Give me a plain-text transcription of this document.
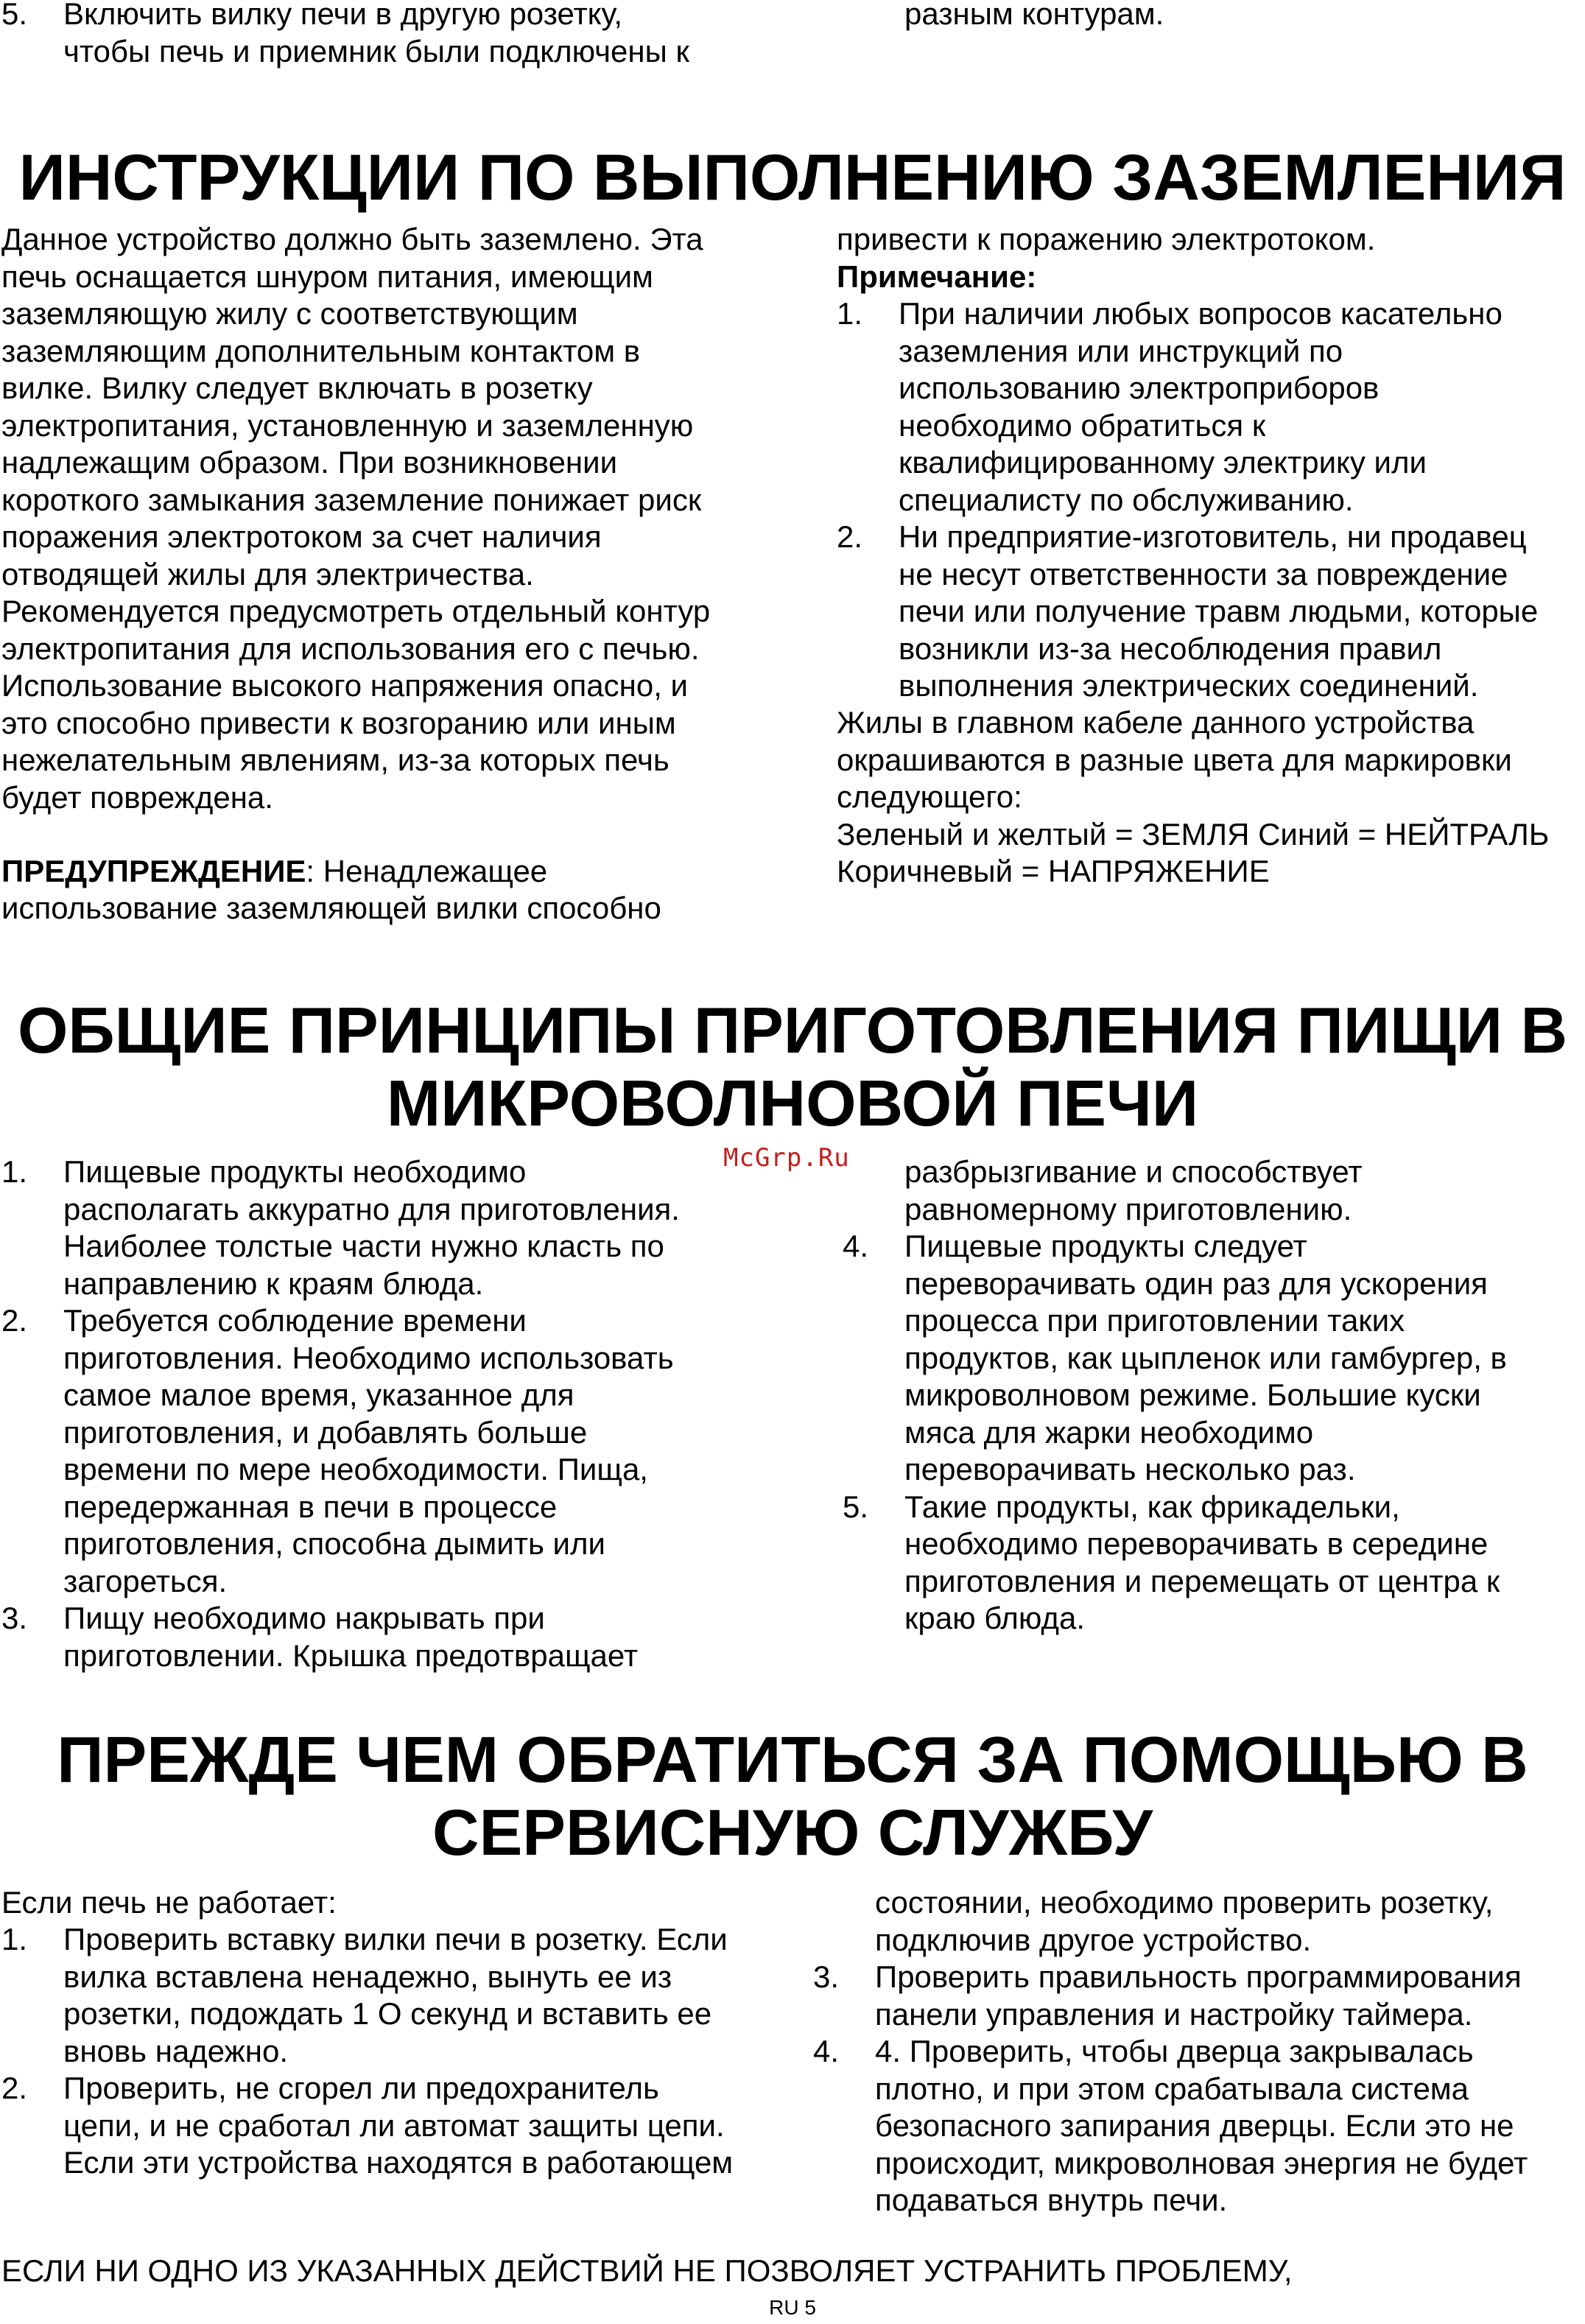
5. Включить вилку печи в другую розетку,
чтобы печь и приемник были подключены к

разным контурам.

ИНСТРУКЦИИ ПО ВЫПОЛНЕНИЮ ЗАЗЕМЛЕНИЯ

Данное устройство должно быть заземлено. Эта

печь оснащается шнуром питания, имеющим

заземляющую жилу с соответствующим

заземляющим дополнительным контактом в

вилке. Вилку следует включать в розетку

электропитания, установленную и заземленную

надлежащим образом. При возникновении

короткого замыкания заземление понижает риск

поражения электротоком за счет наличия

отводящей жилы для электричества.

Рекомендуется предусмотреть отдельный контур

электропитания для использования его с печью.

Использование высокого напряжения опасно, и

это способно привести к возгоранию или иным

нежелательным явлениям, из-за которых печь

будет повреждена.

ПРЕДУПРЕЖДЕНИЕ: Ненадлежащее

использование заземляющей вилки способно

привести к поражению электротоком.

Примечание:

1. При наличии любых вопросов касательно
заземления или инструкций по
использованию электроприборов
необходимо обратиться к
квалифицированному электрику или
специалисту по обслуживанию.
2. Ни предприятие-изготовитель, ни продавец
не несут ответственности за повреждение
печи или получение травм людьми, которые
возникли из-за несоблюдения правил
выполнения электрических соединений.

Жилы в главном кабеле данного устройства

окрашиваются в разные цвета для маркировки

следующего:

Зеленый и желтый = ЗЕМЛЯ Синий = НЕЙТРАЛЬ

Коричневый = НАПРЯЖЕНИЕ

ОБЩИЕ ПРИНЦИПЫ ПРИГОТОВЛЕНИЯ ПИЩИ В
МИКРОВОЛНОВОЙ ПЕЧИ
McGrp.Ru
1. Пищевые продукты необходимо
располагать аккуратно для приготовления.
Наиболее толстые части нужно класть по
направлению к краям блюда.
2. Требуется соблюдение времени
приготовления. Необходимо использовать
самое малое время, указанное для
приготовления, и добавлять больше
времени по мере необходимости. Пища,
передержанная в печи в процессе
приготовления, способна дымить или
загореться.
3. Пищу необходимо накрывать при
приготовлении. Крышка предотвращает

разбрызгивание и способствует

равномерному приготовлению.

4. Пищевые продукты следует
переворачивать один раз для ускорения
процесса при приготовлении таких
продуктов, как цыпленок или гамбургер, в
микроволновом режиме. Большие куски
мяса для жарки необходимо
переворачивать несколько раз.
5. Такие продукты, как фрикадельки,
необходимо переворачивать в середине
приготовления и перемещать от центра к
краю блюда.
ПРЕЖДЕ ЧЕМ ОБРАТИТЬСЯ ЗА ПОМОЩЬЮ В
СЕРВИСНУЮ СЛУЖБУ

Если печь не работает:

1. Проверить вставку вилки печи в розетку. Если
вилка вставлена ненадежно, вынуть ее из
розетки, подождать 1 О секунд и вставить ее
вновь надежно.
2. Проверить, не сгорел ли предохранитель
цепи, и не сработал ли автомат защиты цепи.
Если эти устройства находятся в работающем

состоянии, необходимо проверить розетку,

подключив другое устройство.

3. Проверить правильность программирования
панели управления и настройку таймера.
4. 4. Проверить, чтобы дверца закрывалась
плотно, и при этом срабатывала система
безопасного запирания дверцы. Если это не
происходит, микроволновая энергия не будет
подаваться внутрь печи.

ЕСЛИ НИ ОДНО ИЗ УКАЗАННЫХ ДЕЙСТВИЙ НЕ ПОЗВОЛЯЕТ УСТРАНИТЬ ПРОБЛЕМУ,

RU 5
